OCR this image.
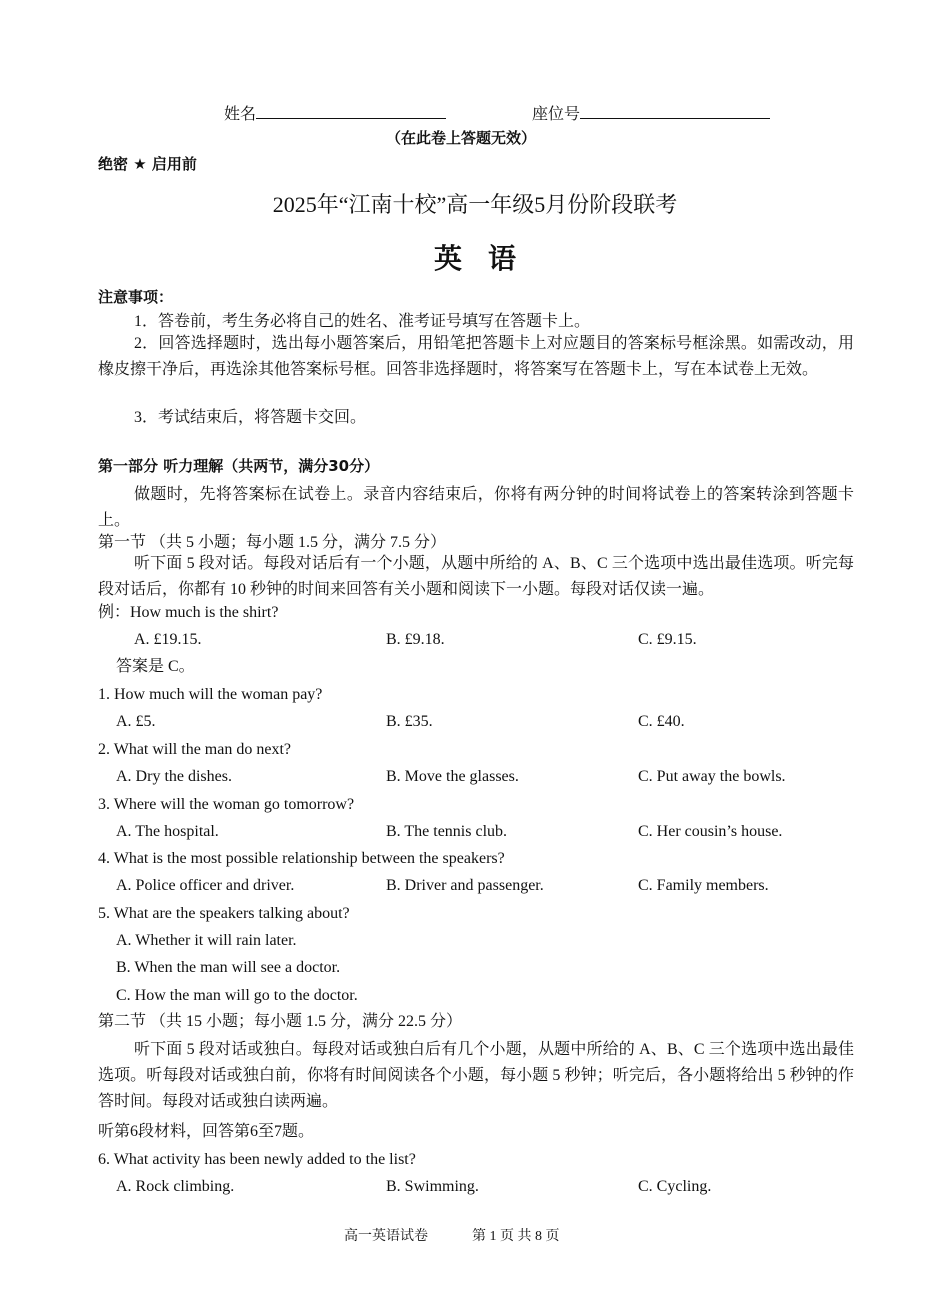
姓名	座位号
（在此卷上答题无效）
绝密 ★ 启用前
2025年“江南十校”高一年级5月份阶段联考
英语
注意事项：
1．答卷前，考生务必将自己的姓名、准考证号填写在答题卡上。
2．回答选择题时，选出每小题答案后，用铅笔把答题卡上对应题目的答案标号框涂黑。如需改动，用橡皮擦干净后，再选涂其他答案标号框。回答非选择题时，将答案写在答题卡上，写在本试卷上无效。
3．考试结束后，将答题卡交回。
第一部分 听力理解（共两节，满分30分）
做题时，先将答案标在试卷上。录音内容结束后，你将有两分钟的时间将试卷上的答案转涂到答题卡上。
第一节 （共 5 小题；每小题 1.5 分，满分 7.5 分）
听下面 5 段对话。每段对话后有一个小题，从题中所给的 A、B、C 三个选项中选出最佳选项。听完每段对话后，你都有 10 秒钟的时间来回答有关小题和阅读下一小题。每段对话仅读一遍。
例：How much is the shirt?
A. £19.15.	B. £9.18.	C. £9.15.
答案是 C。
1. How much will the woman pay?
A. £5.	B. £35.	C. £40.
2. What will the man do next?
A. Dry the dishes.	B. Move the glasses.	C. Put away the bowls.
3. Where will the woman go tomorrow?
A. The hospital.	B. The tennis club.	C. Her cousin’s house.
4. What is the most possible relationship between the speakers?
A. Police officer and driver.	B. Driver and passenger.	C. Family members.
5. What are the speakers talking about?
A. Whether it will rain later.
B. When the man will see a doctor.
C. How the man will go to the doctor.
第二节 （共 15 小题；每小题 1.5 分，满分 22.5 分）
听下面 5 段对话或独白。每段对话或独白后有几个小题，从题中所给的 A、B、C 三个选项中选出最佳选项。听每段对话或独白前，你将有时间阅读各个小题，每小题 5 秒钟；听完后，各小题将给出 5 秒钟的作答时间。每段对话或独白读两遍。
听第6段材料，回答第6至7题。
6. What activity has been newly added to the list?
A. Rock climbing.	B. Swimming.	C. Cycling.
高一英语试卷	第 1 页 共 8 页
